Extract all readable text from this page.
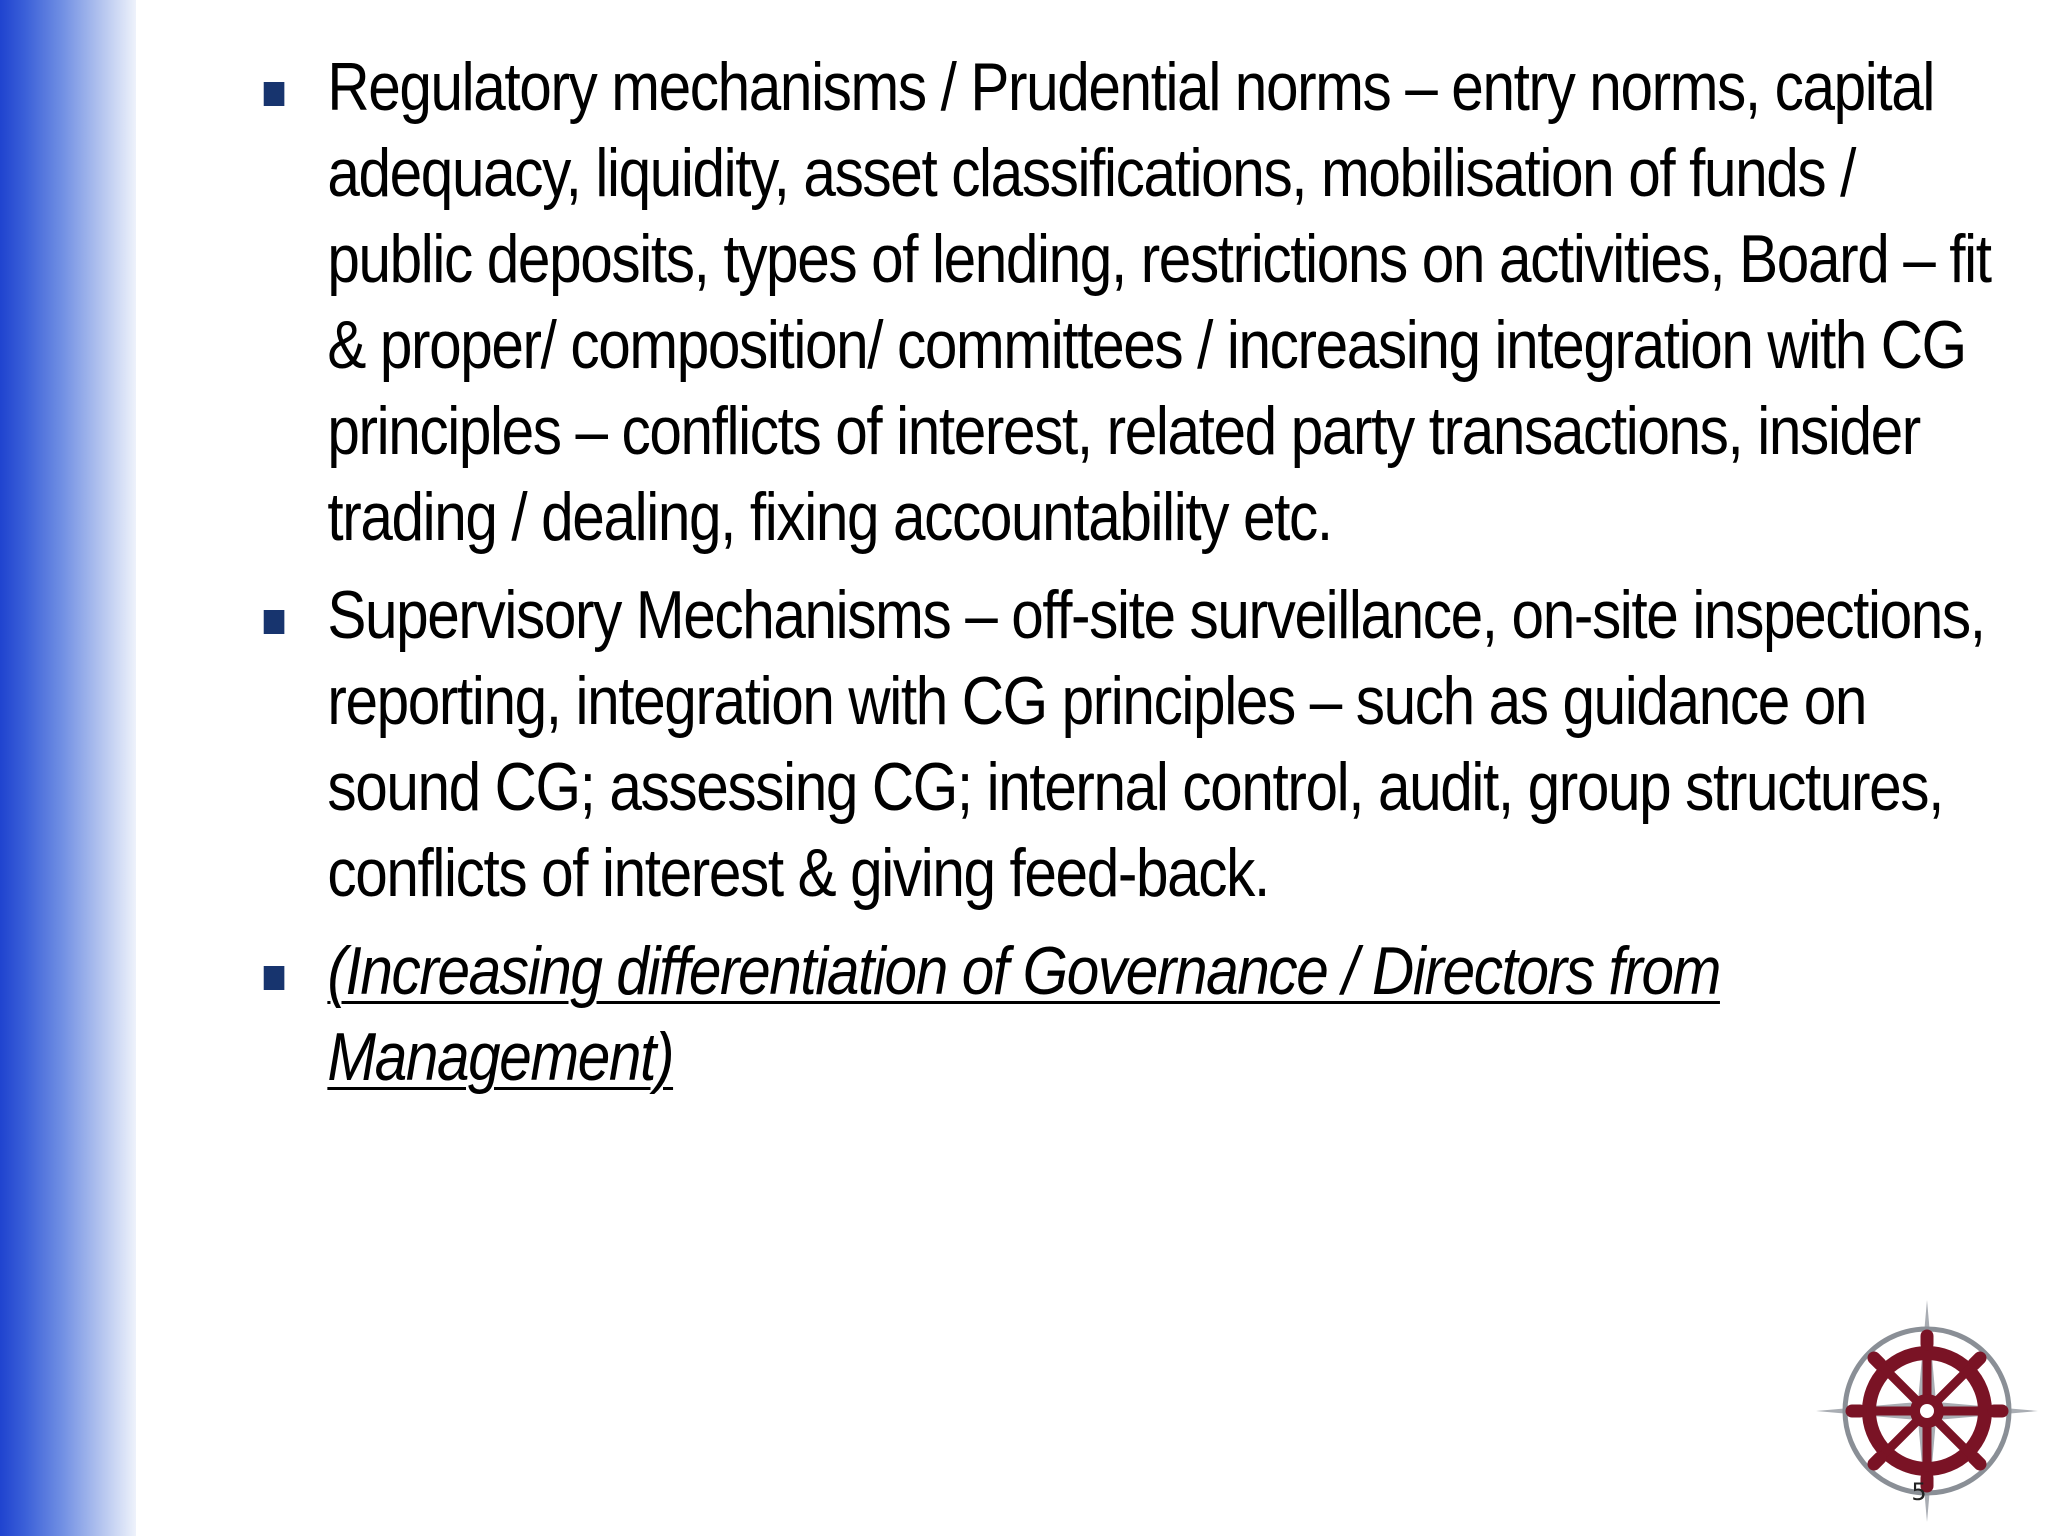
Regulatory mechanisms / Prudential norms – entry norms, capital adequacy, liquidity, asset classifications, mobilisation of funds / public deposits, types of lending, restrictions on activities, Board – fit & proper/ composition/ committees / increasing integration with CG principles – conflicts of interest, related party transactions, insider trading / dealing, fixing accountability etc.
Supervisory Mechanisms – off-site surveillance, on-site inspections, reporting, integration with CG principles – such as guidance on sound CG; assessing CG; internal control, audit, group structures, conflicts of interest & giving feed-back.
(Increasing differentiation of Governance / Directors from Management)
5
